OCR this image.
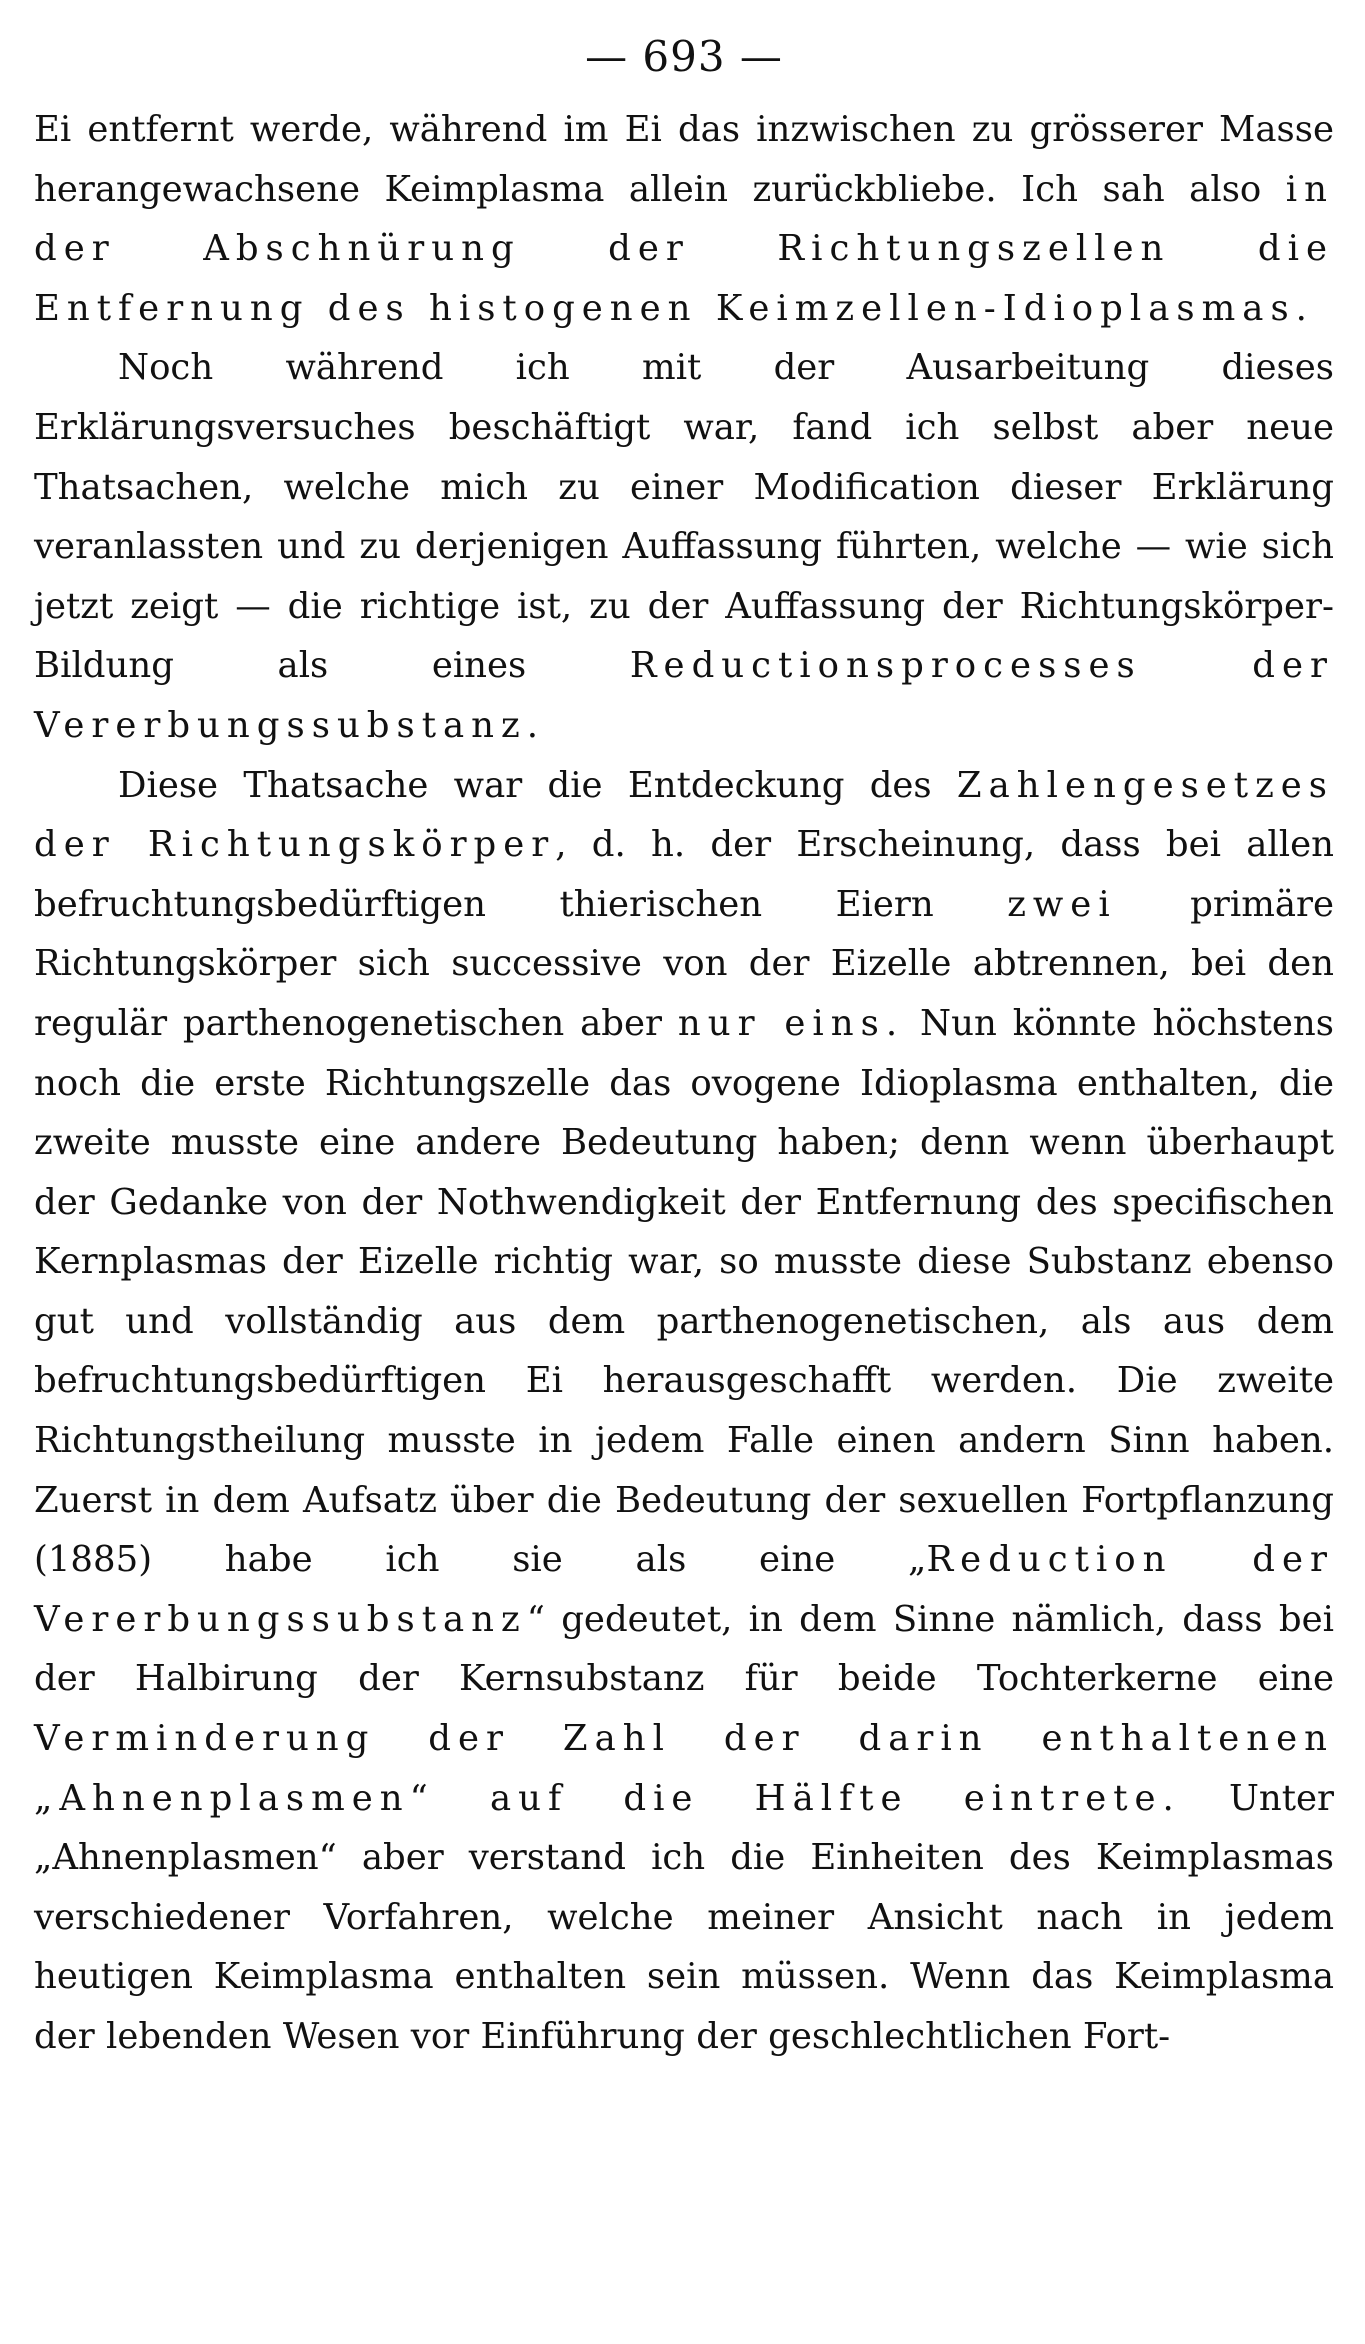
— 693 —

Ei entfernt werde, während im Ei das inzwischen zu grösserer Masse herangewachsene Keimplasma allein zurückbliebe. Ich sah also in der Abschnürung der Richtungszellen die Entfernung des histogenen Keimzellen-Idioplasmas.

Noch während ich mit der Ausarbeitung dieses Erklärungsversuches beschäftigt war, fand ich selbst aber neue Thatsachen, welche mich zu einer Modification dieser Erklärung veranlassten und zu derjenigen Auffassung führten, welche — wie sich jetzt zeigt — die richtige ist, zu der Auffassung der Richtungskörper-Bildung als eines Reductionsprocesses der Vererbungssubstanz.

Diese Thatsache war die Entdeckung des Zahlengesetzes der Richtungskörper, d. h. der Erscheinung, dass bei allen befruchtungsbedürftigen thierischen Eiern zwei primäre Richtungskörper sich successive von der Eizelle abtrennen, bei den regulär parthenogenetischen aber nur eins. Nun könnte höchstens noch die erste Richtungszelle das ovogene Idioplasma enthalten, die zweite musste eine andere Bedeutung haben; denn wenn überhaupt der Gedanke von der Nothwendigkeit der Entfernung des specifischen Kernplasmas der Eizelle richtig war, so musste diese Substanz ebenso gut und vollständig aus dem parthenogenetischen, als aus dem befruchtungsbedürftigen Ei herausgeschafft werden. Die zweite Richtungstheilung musste in jedem Falle einen andern Sinn haben. Zuerst in dem Aufsatz über die Bedeutung der sexuellen Fortpflanzung (1885) habe ich sie als eine „Reduction der Vererbungssubstanz“ gedeutet, in dem Sinne nämlich, dass bei der Halbirung der Kernsubstanz für beide Tochterkerne eine Verminderung der Zahl der darin enthaltenen „Ahnenplasmen“ auf die Hälfte eintrete. Unter „Ahnenplasmen“ aber verstand ich die Einheiten des Keimplasmas verschiedener Vorfahren, welche meiner Ansicht nach in jedem heutigen Keimplasma enthalten sein müssen. Wenn das Keimplasma der lebenden Wesen vor Einführung der geschlechtlichen Fort-
